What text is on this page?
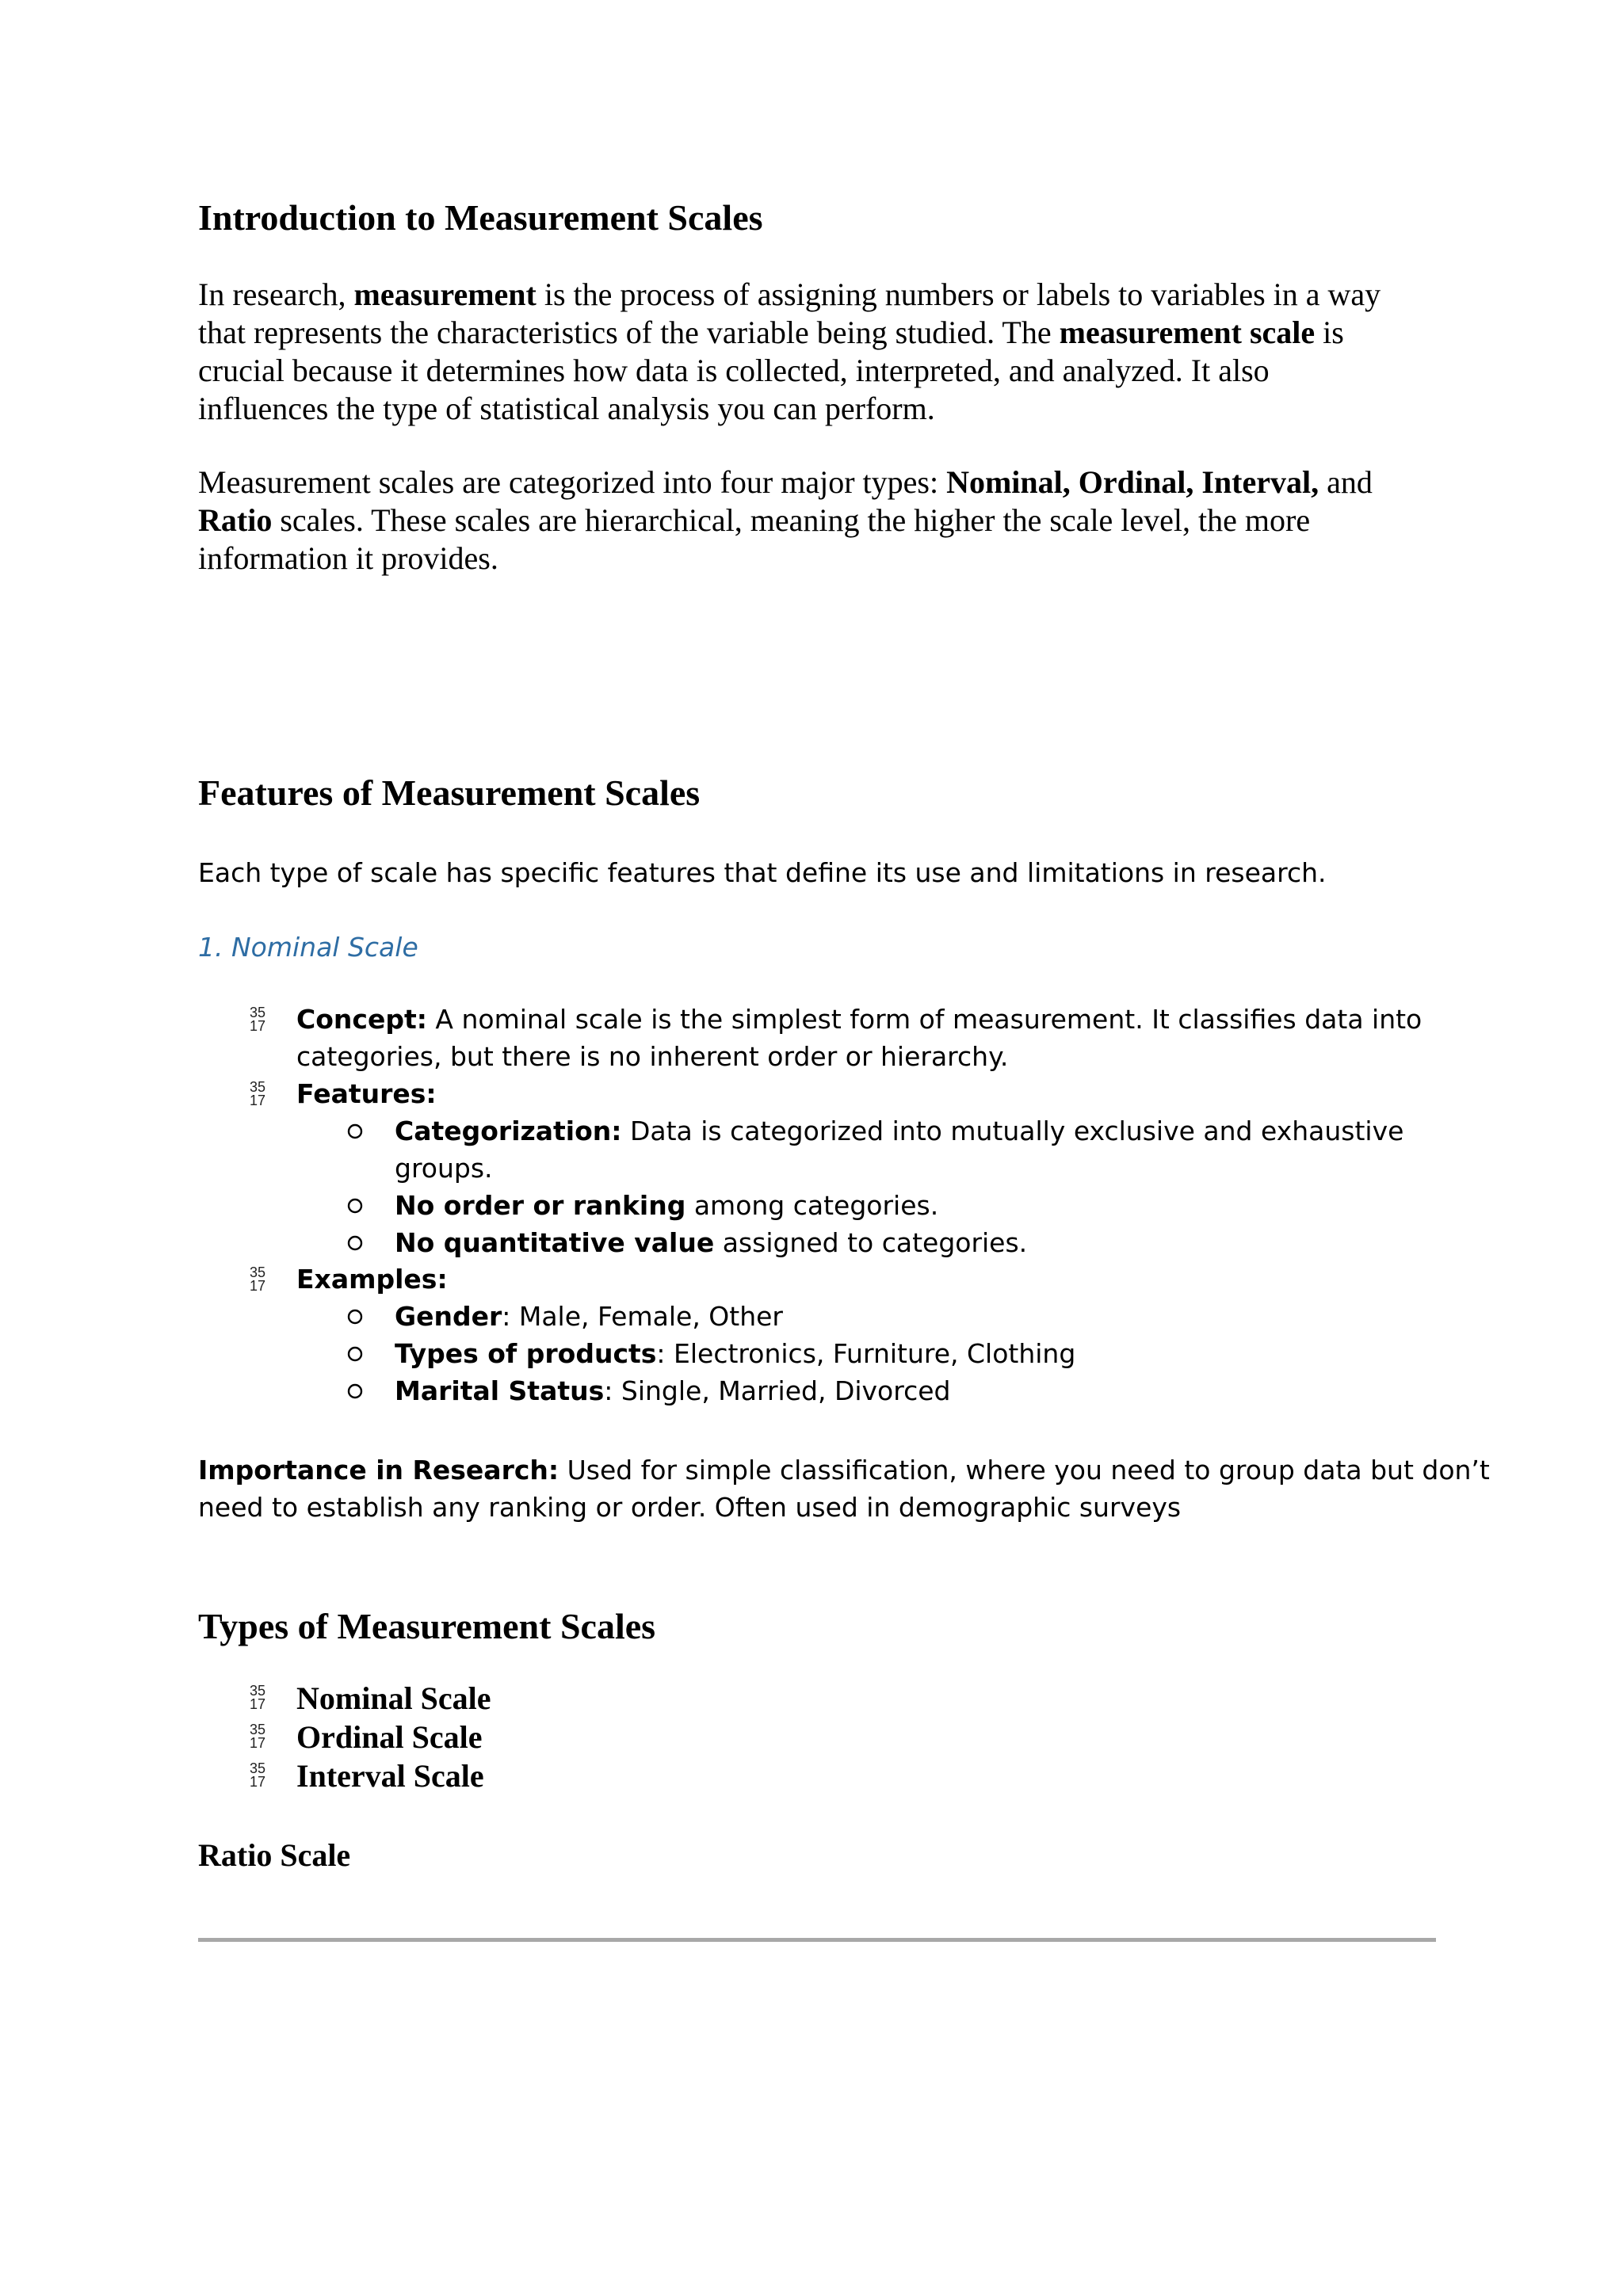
Introduction to Measurement Scales
In research, measurement is the process of assigning numbers or labels to variables in a way
that represents the characteristics of the variable being studied. The measurement scale is
crucial because it determines how data is collected, interpreted, and analyzed. It also
influences the type of statistical analysis you can perform.
Measurement scales are categorized into four major types: Nominal, Ordinal, Interval, and
Ratio scales. These scales are hierarchical, meaning the higher the scale level, the more
information it provides.
Features of Measurement Scales
Each type of scale has specific features that define its use and limitations in research.
1. Nominal Scale
35
17 Concept: A nominal scale is the simplest form of measurement. It classifies data into
categories, but there is no inherent order or hierarchy.
35
17 Features:
Categorization: Data is categorized into mutually exclusive and exhaustive
groups.
No order or ranking among categories.
No quantitative value assigned to categories.
35
17 Examples:
Gender: Male, Female, Other
Types of products: Electronics, Furniture, Clothing
Marital Status: Single, Married, Divorced
Importance in Research: Used for simple classification, where you need to group data but don’t
need to establish any ranking or order. Often used in demographic surveys
Types of Measurement Scales
35
17 Nominal Scale
35
17 Ordinal Scale
35
17 Interval Scale
Ratio Scale
